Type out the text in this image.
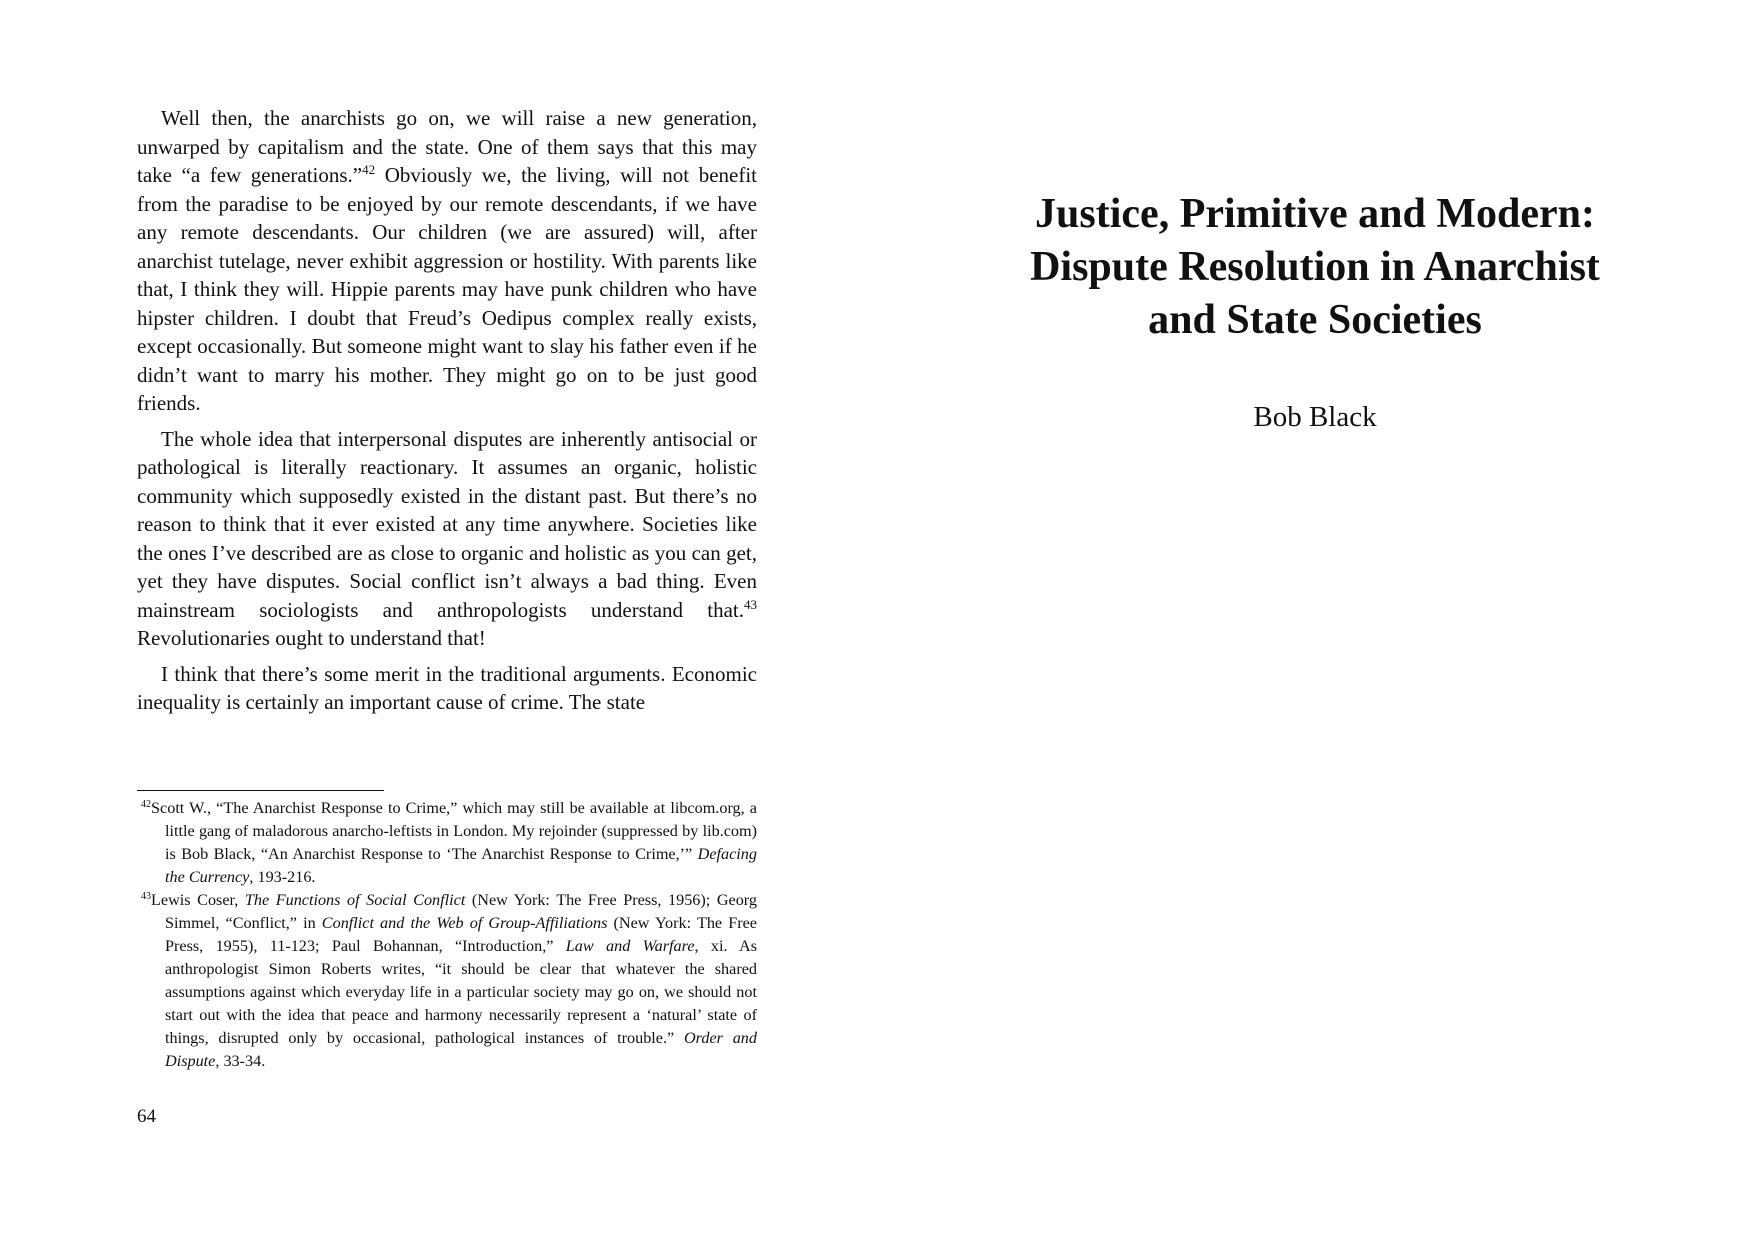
Well then, the anarchists go on, we will raise a new generation, unwarped by capitalism and the state. One of them says that this may take “a few generations.”$^{42}$ Obviously we, the living, will not benefit from the paradise to be enjoyed by our remote descendants, if we have any remote descendants. Our children (we are assured) will, after anarchist tutelage, never exhibit aggression or hostility. With parents like that, I think they will. Hippie parents may have punk children who have hipster children. I doubt that Freud’s Oedipus complex really exists, except occasionally. But someone might want to slay his father even if he didn’t want to marry his mother. They might go on to be just good friends.

The whole idea that interpersonal disputes are inherently antisocial or pathological is literally reactionary. It assumes an organic, holistic community which supposedly existed in the distant past. But there’s no reason to think that it ever existed at any time anywhere. Societies like the ones I’ve described are as close to organic and holistic as you can get, yet they have disputes. Social conflict isn’t always a bad thing. Even mainstream sociologists and anthropologists understand that.$^{43}$ Revolutionaries ought to understand that!

I think that there’s some merit in the traditional arguments. Economic inequality is certainly an important cause of crime. The state

$^{42}$Scott W., “The Anarchist Response to Crime,” which may still be available at libcom.org, a little gang of maladorous anarcho-leftists in London. My rejoinder (suppressed by lib.com) is Bob Black, “An Anarchist Response to ‘The Anarchist Response to Crime,’” Defacing the Currency, 193-216.

$^{43}$Lewis Coser, The Functions of Social Conflict (New York: The Free Press, 1956); Georg Simmel, “Conflict,” in Conflict and the Web of Group-Affiliations (New York: The Free Press, 1955), 11-123; Paul Bohannan, “Introduction,” Law and Warfare, xi. As anthropologist Simon Roberts writes, “it should be clear that whatever the shared assumptions against which everyday life in a particular society may go on, we should not start out with the idea that peace and harmony necessarily represent a ‘natural’ state of things, disrupted only by occasional, pathological instances of trouble.” Order and Dispute, 33-34.

64
Justice, Primitive and Modern:
Dispute Resolution in Anarchist
and State Societies
Bob Black
